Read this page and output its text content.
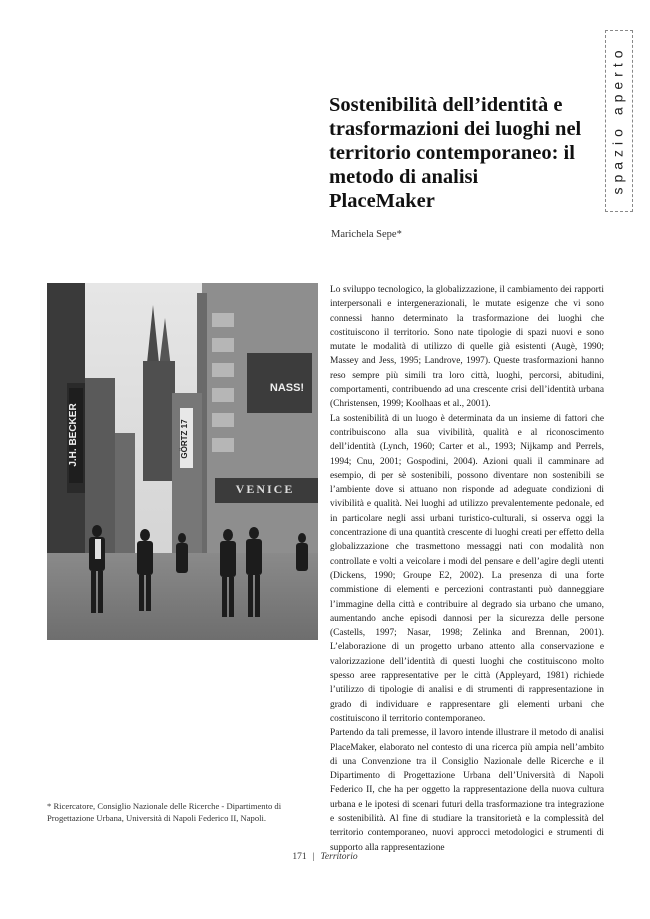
spazio aperto
Sostenibilità dell’identità e trasformazioni dei luoghi nel territorio contemporaneo: il metodo di analisi PlaceMaker
Marichela Sepe*
J.H. BECKER	GÖRTZ 17
VENICE
NASS!

Lo sviluppo tecnologico, la globalizzazione, il cambiamento dei rapporti interpersonali e intergenerazionali, le mutate esigenze che vi sono connessi hanno determinato la trasformazione dei luoghi che costituiscono il territorio. Sono nate tipologie di spazi nuovi e sono mutate le modalità di utilizzo di quelle già esistenti (Augè, 1990; Massey and Jess, 1995; Landrove, 1997). Queste trasformazioni hanno reso sempre più simili tra loro città, luoghi, percorsi, abitudini, comportamenti, contribuendo ad una crescente crisi dell’identità urbana (Christensen, 1999; Koolhaas et al., 2001).

La sostenibilità di un luogo è determinata da un insieme di fattori che contribuiscono alla sua vivibilità, qualità e al riconoscimento dell’identità (Lynch, 1960; Carter et al., 1993; Nijkamp and Perrels, 1994; Cnu, 2001; Gospodini, 2004). Azioni quali il camminare ad esempio, di per sè sostenibili, possono diventare non sostenibili se l’ambiente dove si attuano non risponde ad adeguate condizioni di vivibilità e qualità. Nei luoghi ad utilizzo prevalentemente pedonale, ed in particolare negli assi urbani turistico-culturali, si osserva oggi la concentrazione di una quantità crescente di luoghi creati per effetto della globalizzazione che trasmettono messaggi nati con modalità non controllate e volti a veicolare i modi del pensare e dell’agire degli utenti (Dickens, 1990; Groupe E2, 2002). La presenza di una forte commistione di elementi e percezioni contrastanti può danneggiare l’immagine della città e contribuire al degrado sia urbano che umano, aumentando anche episodi dannosi per la sicurezza delle persone (Castells, 1997; Nasar, 1998; Zelinka and Brennan, 2001). L’elaborazione di un progetto urbano attento alla conservazione e valorizzazione dell’identità di questi luoghi che costituiscono molto spesso aree rappresentative per le città (Appleyard, 1981) richiede l’utilizzo di tipologie di analisi e di strumenti di rappresentazione in grado di individuare e rappresentare gli elementi urbani che costituiscono il territorio contemporaneo.

Partendo da tali premesse, il lavoro intende illustrare il metodo di analisi PlaceMaker, elaborato nel contesto di una ricerca più ampia nell’ambito di una Convenzione tra il Consiglio Nazionale delle Ricerche e il Dipartimento di Progettazione Urbana dell’Università di Napoli Federico II, che ha per oggetto la rappresentazione della nuova cultura urbana e le ipotesi di scenari futuri della trasformazione tra integrazione e sostenibilità. Al fine di studiare la transitorietà e la complessità del territorio contemporaneo, nuovi approcci metodologici e strumenti di supporto alla rappresentazione

* Ricercatore, Consiglio Nazionale delle Ricerche - Dipartimento di Progettazione Urbana, Università di Napoli Federico II, Napoli.
171 | Territorio
